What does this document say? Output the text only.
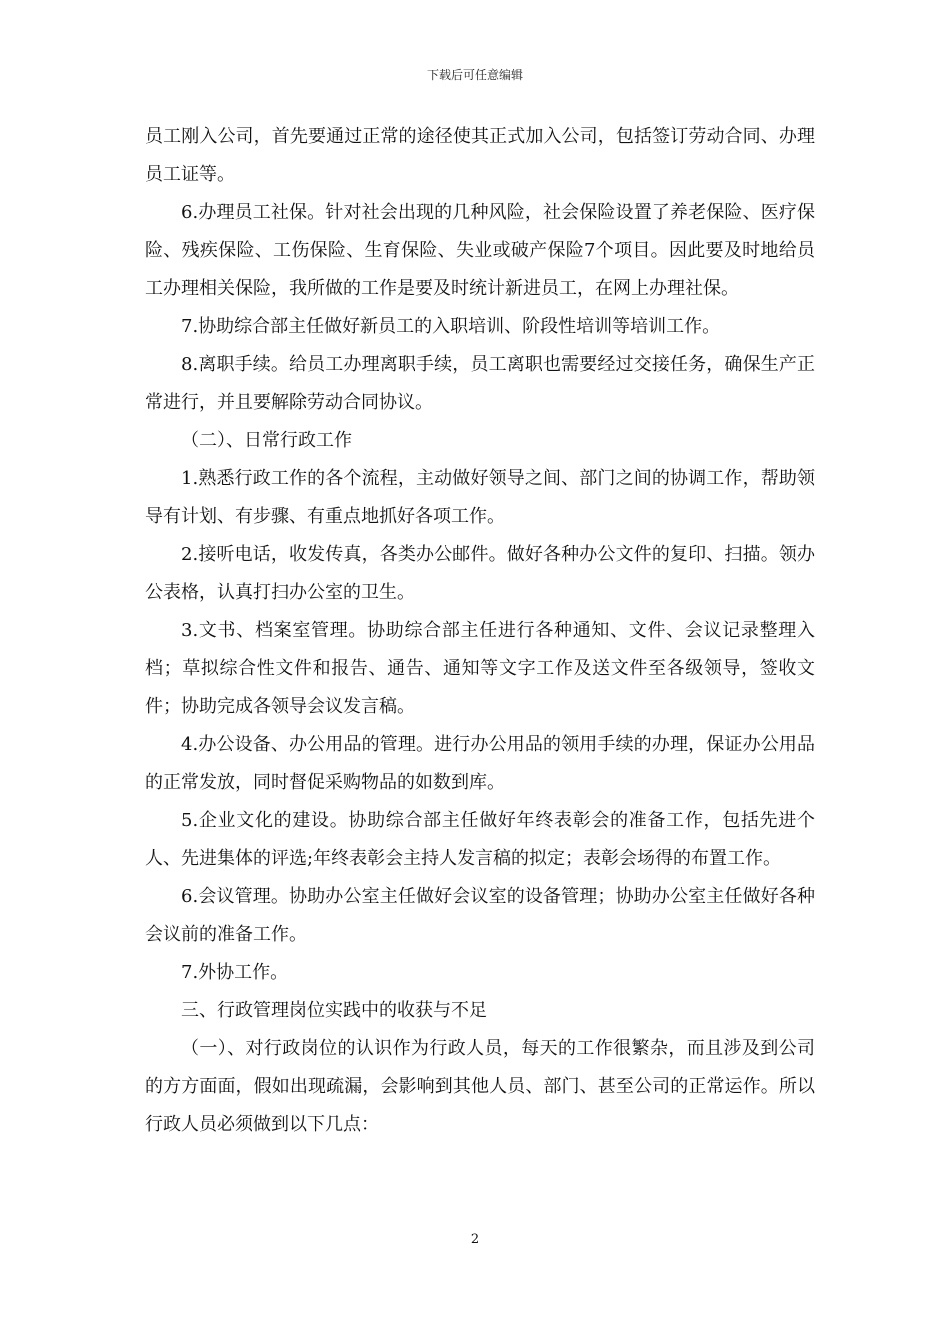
下载后可任意编辑

员工刚入公司，首先要通过正常的途径使其正式加入公司，包括签订劳动合同、办理员工证等。

6.办理员工社保。针对社会出现的几种风险，社会保险设置了养老保险、医疗保险、残疾保险、工伤保险、生育保险、失业或破产保险7个项目。因此要及时地给员工办理相关保险，我所做的工作是要及时统计新进员工，在网上办理社保。

7.协助综合部主任做好新员工的入职培训、阶段性培训等培训工作。

8.离职手续。给员工办理离职手续，员工离职也需要经过交接任务，确保生产正常进行，并且要解除劳动合同协议。

（二）、日常行政工作

1.熟悉行政工作的各个流程，主动做好领导之间、部门之间的协调工作，帮助领导有计划、有步骤、有重点地抓好各项工作。

2.接听电话，收发传真，各类办公邮件。做好各种办公文件的复印、扫描。领办公表格，认真打扫办公室的卫生。

3.文书、档案室管理。协助综合部主任进行各种通知、文件、会议记录整理入档；草拟综合性文件和报告、通告、通知等文字工作及送文件至各级领导，签收文件；协助完成各领导会议发言稿。

4.办公设备、办公用品的管理。进行办公用品的领用手续的办理，保证办公用品的正常发放，同时督促采购物品的如数到库。

5.企业文化的建设。协助综合部主任做好年终表彰会的准备工作，包括先进个人、先进集体的评选;年终表彰会主持人发言稿的拟定；表彰会场得的布置工作。

6.会议管理。协助办公室主任做好会议室的设备管理；协助办公室主任做好各种会议前的准备工作。

7.外协工作。

三、行政管理岗位实践中的收获与不足

（一）、对行政岗位的认识作为行政人员，每天的工作很繁杂，而且涉及到公司的方方面面，假如出现疏漏，会影响到其他人员、部门、甚至公司的正常运作。所以行政人员必须做到以下几点：

2
